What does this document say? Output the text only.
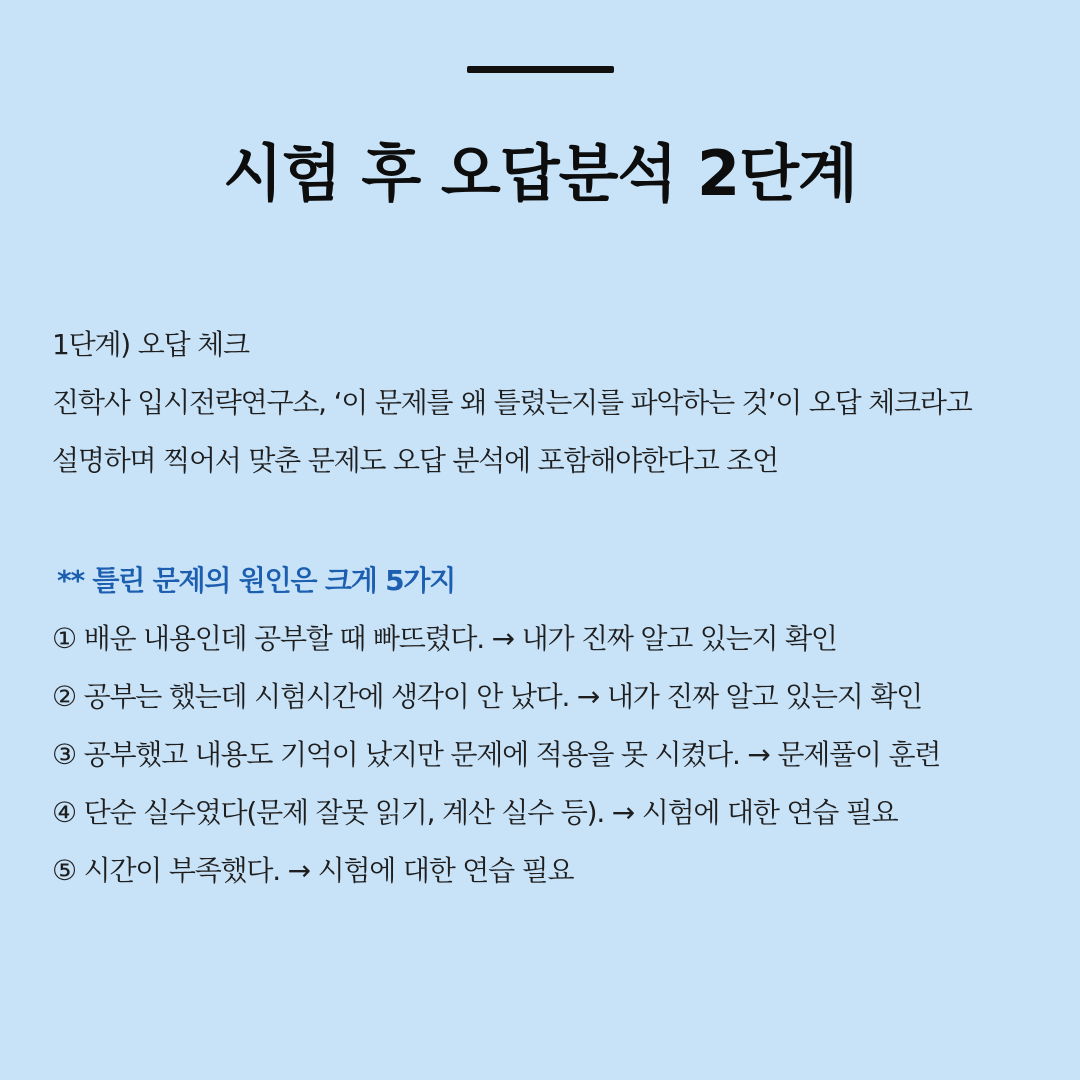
시험 후 오답분석 2단계
1단계) 오답 체크
진학사 입시전략연구소, ‘이 문제를 왜 틀렸는지를 파악하는 것’이 오답 체크라고
설명하며 찍어서 맞춘 문제도 오답 분석에 포함해야한다고 조언
** 틀린 문제의 원인은 크게 5가지
① 배운 내용인데 공부할 때 빠뜨렸다. → 내가 진짜 알고 있는지 확인
② 공부는 했는데 시험시간에 생각이 안 났다. → 내가 진짜 알고 있는지 확인
③ 공부했고 내용도 기억이 났지만 문제에 적용을 못 시켰다. → 문제풀이 훈련
④ 단순 실수였다(문제 잘못 읽기, 계산 실수 등). → 시험에 대한 연습 필요
⑤ 시간이 부족했다. → 시험에 대한 연습 필요
